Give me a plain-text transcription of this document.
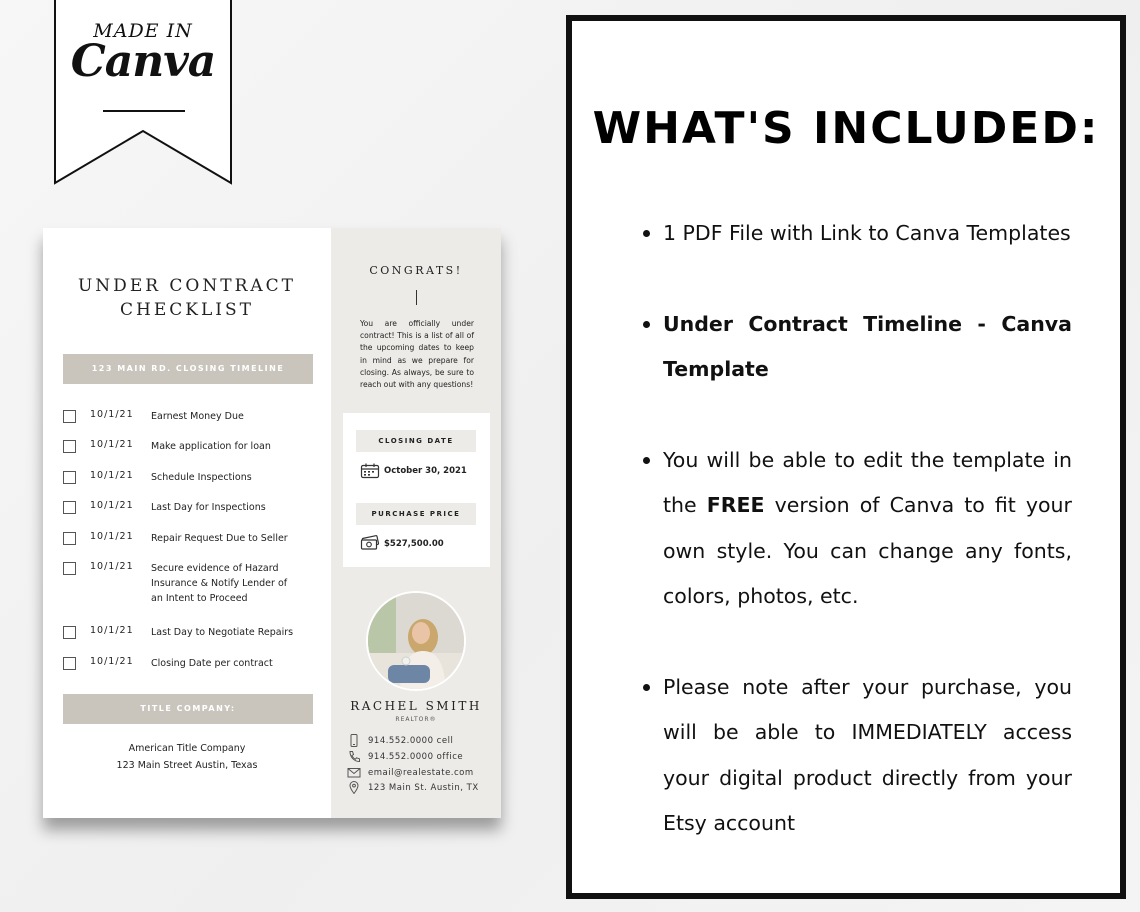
MADE IN
Canva
UNDER CONTRACT
CHECKLIST
123 MAIN RD. CLOSING TIMELINE
10/1/21	Earnest Money Due
10/1/21	Make application for loan
10/1/21	Schedule Inspections
10/1/21	Last Day for Inspections
10/1/21	Repair Request Due to Seller
10/1/21	Secure evidence of Hazard Insurance & Notify Lender of an Intent to Proceed
10/1/21	Last Day to Negotiate Repairs
10/1/21	Closing Date per contract
TITLE COMPANY:
American Title Company
123 Main Street Austin, Texas
CONGRATS!
You are officially under contract! This is a list of all of the upcoming dates to keep in mind as we prepare for closing. As always, be sure to reach out with any questions!
CLOSING DATE
October 30, 2021
PURCHASE PRICE
$527,500.00
RACHEL SMITH
REALTOR®
914.552.0000 cell
914.552.0000 office
email@realestate.com
123 Main St. Austin, TX
WHAT'S INCLUDED:
1 PDF File with Link to Canva Templates
Under Contract Timeline - Canva Template
You will be able to edit the template in the FREE version of Canva to fit your own style. You can change any fonts, colors, photos, etc.
Please note after your purchase, you will be able to IMMEDIATELY access your digital product directly from your Etsy account
